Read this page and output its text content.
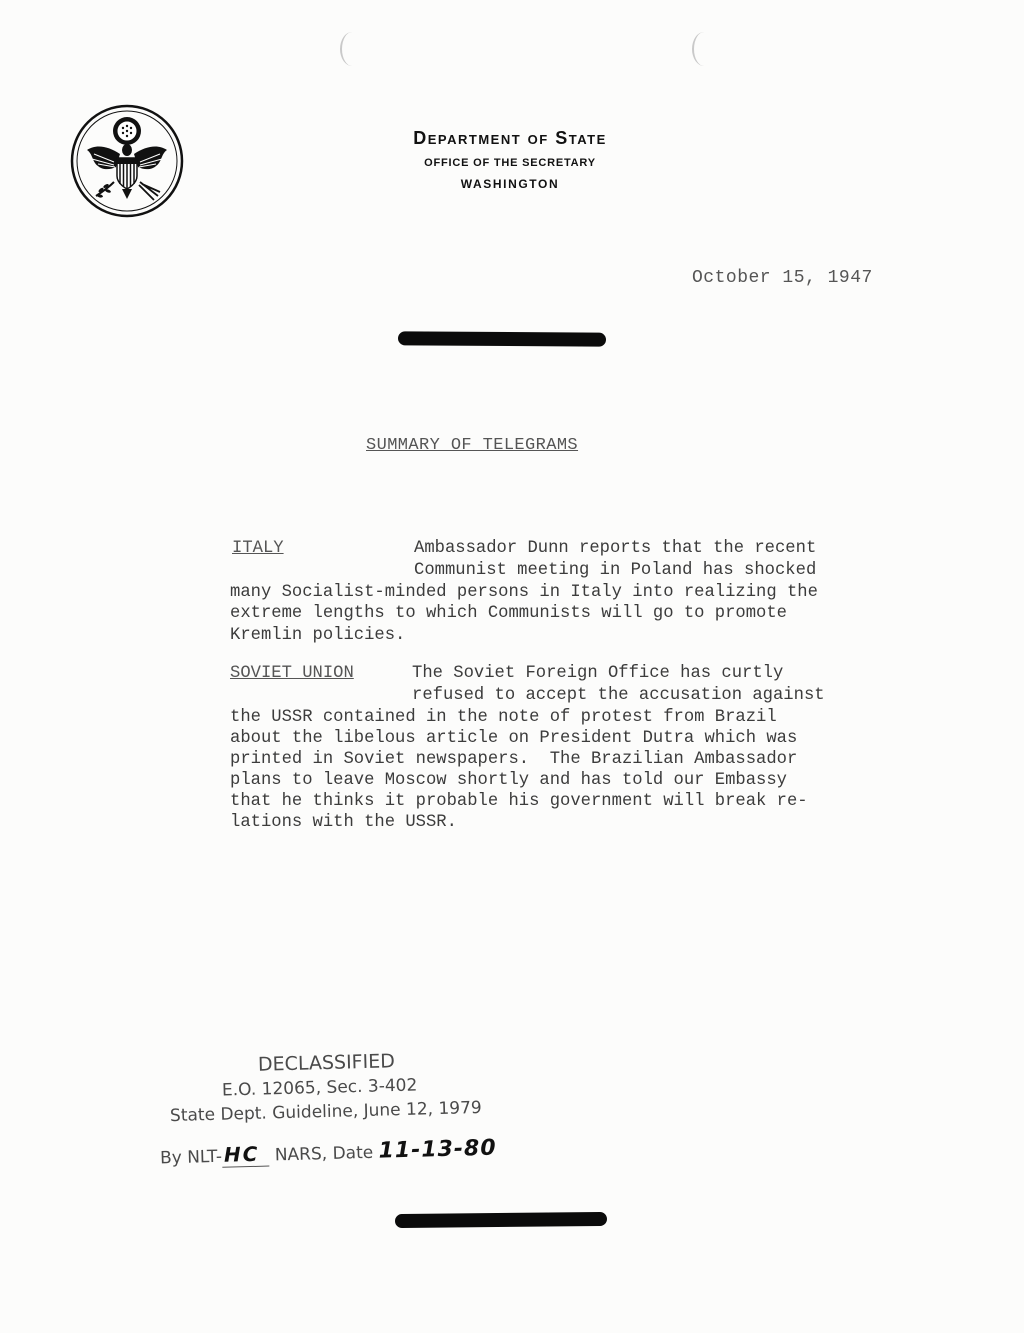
Department of State
OFFICE OF THE SECRETARY
WASHINGTON
October 15, 1947
SUMMARY OF TELEGRAMS
ITALY	Ambassador Dunn reports that the recent
Communist meeting in Poland has shocked
many Socialist-minded persons in Italy into realizing the
extreme lengths to which Communists will go to promote
Kremlin policies.
SOVIET UNION	The Soviet Foreign Office has curtly
refused to accept the accusation against
the USSR contained in the note of protest from Brazil
about the libelous article on President Dutra which was
printed in Soviet newspapers.  The Brazilian Ambassador
plans to leave Moscow shortly and has told our Embassy
that he thinks it probable his government will break re-
lations with the USSR.
DECLASSIFIED
E.O. 12065, Sec. 3-402
State Dept. Guideline, June 12, 1979
By NLT-HC NARS, Date 11-13-80
